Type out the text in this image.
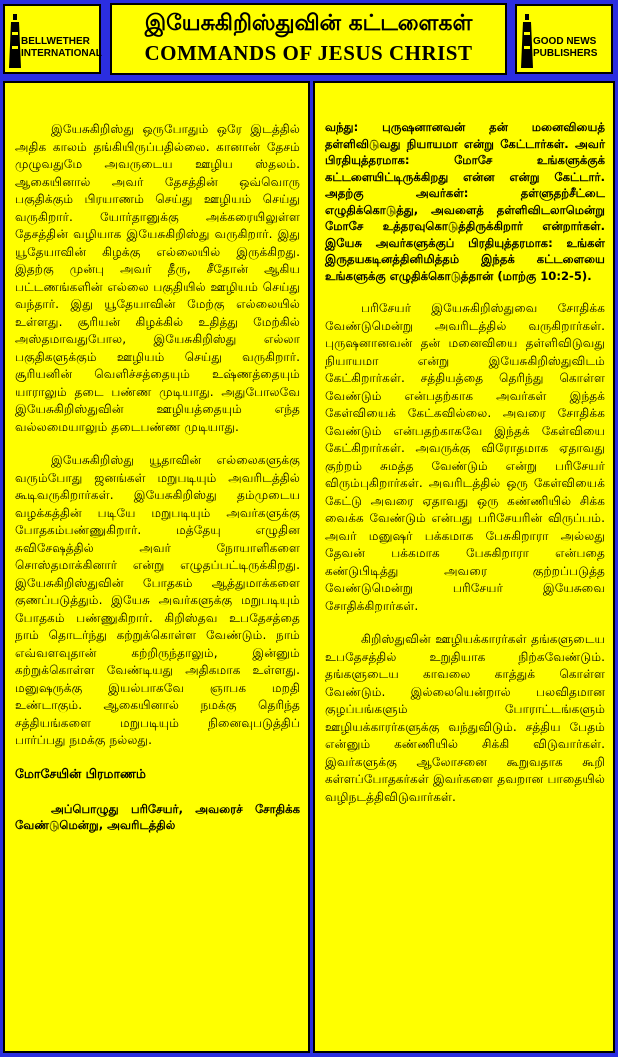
BELLWETHER
INTERNATIONAL
இயேசுகிறிஸ்துவின் கட்டளைகள்
COMMANDS OF JESUS CHRIST	GOOD NEWS
PUBLISHERS

இயேசுகிறிஸ்து ஒருபோதும் ஒரே இடத்தில் அதிக காலம் தங்கியிருப்பதில்லை. கானான் தேசம் முழுவதுமே அவருடைய ஊழிய ஸ்தலம். ஆகையினால் அவர் தேசத்தின் ஒவ்வொரு பகுதிக்கும் பிரயாணம் செய்து ஊழியம் செய்து வருகிறார். யோர்தானுக்கு அக்கரையிலுள்ள தேசத்தின் வழியாக இயேசுகிறிஸ்து வருகிறார். இது யூதேயாவின் கிழக்கு எல்லையில் இருக்கிறது. இதற்கு முன்பு அவர் தீரு, சீதோன் ஆகிய பட்டணங்களின் எல்லை பகுதியில் ஊழியம் செய்து வந்தார். இது யூதேயாவின் மேற்கு எல்லையில் உள்ளது. சூரியன் கிழக்கில் உதித்து மேற்கில் அஸ்தமாவதுபோல, இயேசுகிறிஸ்து எல்லா பகுதிகளுக்கும் ஊழியம் செய்து வருகிறார். சூரியனின் வெளிச்சத்தையும் உஷ்ணத்தையும் யாராலும் தடை பண்ண முடியாது. அதுபோலவே இயேசுகிறிஸ்துவின் ஊழியத்தையும் எந்த வல்லமையாலும் தடைபண்ண முடியாது.

இயேசுகிறிஸ்து யூதாவின் எல்லைகளுக்கு வரும்போது ஜனங்கள் மறுபடியும் அவரிடத்தில் கூடிவருகிறார்கள். இயேசுகிறிஸ்து தம்முடைய வழக்கத்தின் படியே மறுபடியும் அவர்களுக்கு போதகம்பண்ணுகிறார். மத்தேயு எழுதின சுவிசேஷத்தில் அவர் நோயாளிகளை சொஸ்தமாக்கினார் என்று எழுதப்பட்டிருக்கிறது. இயேசுகிறிஸ்துவின் போதகம் ஆத்துமாக்களை குணப்படுத்தும். இயேசு அவர்களுக்கு மறுபடியும் போதகம் பண்ணுகிறார். கிறிஸ்தவ உபதேசத்தை நாம் தொடர்ந்து கற்றுக்கொள்ள வேண்டும். நாம் எவ்வளவுதான் கற்றிருந்தாலும், இன்னும் கற்றுக்கொள்ள வேண்டியது அதிகமாக உள்ளது. மனுஷருக்கு இயல்பாகவே ஞாபக மறதி உண்டாகும். ஆகையினால் நமக்கு தெரிந்த சத்தியங்களை மறுபடியும் நினைவுபடுத்திப் பார்ப்பது நமக்கு நல்லது.

மோசேயின் பிரமாணம்

அப்பொழுது பரிசேயர், அவரைச் சோதிக்க வேண்டுமென்று, அவரிடத்தில்

வந்து: புருஷனானவன் தன் மனைவியைத் தள்ளிவிடுவது நியாயமா என்று கேட்டார்கள். அவர் பிரதியுத்தரமாக: மோசே உங்களுக்குக் கட்டளையிட்டிருக்கிறது என்ன என்று கேட்டார். அதற்கு அவர்கள்: தள்ளுதற்சீட்டை எழுதிக்கொடுத்து, அவளைத் தள்ளிவிடலாமென்று மோசே உத்தரவுகொடுத்திருக்கிறார் என்றார்கள். இயேசு அவர்களுக்குப் பிரதியுத்தரமாக: உங்கள் இருதயகடினத்தினிமித்தம் இந்தக் கட்டளையை உங்களுக்கு எழுதிக்கொடுத்தான் (மாற்கு 10:2-5).

பரிசேயர் இயேசுகிறிஸ்துவை சோதிக்க வேண்டுமென்று அவரிடத்தில் வருகிறார்கள். புருஷனானவன் தன் மனைவியை தள்ளிவிடுவது நியாயமா என்று இயேசுகிறிஸ்துவிடம் கேட்கிறார்கள். சத்தியத்தை தெரிந்து கொள்ள வேண்டும் என்பதற்காக அவர்கள் இந்தக் கேள்வியைக் கேட்கவில்லை. அவரை சோதிக்க வேண்டும் என்பதற்காகவே இந்தக் கேள்வியை கேட்கிறார்கள். அவருக்கு விரோதமாக ஏதாவது குற்றம் சுமத்த வேண்டும் என்று பரிசேயர் விரும்புகிறார்கள். அவரிடத்தில் ஒரு கேள்வியைக் கேட்டு அவரை ஏதாவது ஒரு கண்ணியில் சிக்க வைக்க வேண்டும் என்பது பரிசேயரின் விருப்பம். அவர் மனுஷர் பக்கமாக பேசுகிறாரா அல்லது தேவன் பக்கமாக பேசுகிறாரா என்பதை கண்டுபிடித்து அவரை குற்றப்படுத்த வேண்டுமென்று பரிசேயர் இயேசுவை சோதிக்கிறார்கள்.

கிறிஸ்துவின் ஊழியக்காரர்கள் தங்களுடைய உபதேசத்தில் உறுதியாக நிற்கவேண்டும். தங்களுடைய காவலை காத்துக் கொள்ள வேண்டும். இல்லையென்றால் பலவிதமான குழப்பங்களும் போராட்டங்களும் ஊழியக்காரர்களுக்கு வந்துவிடும். சத்திய பேதம் என்னும் கண்ணியில் சிக்கி விடுவார்கள். இவர்களுக்கு ஆலோசனை கூறுவதாக கூறி கள்ளப்போதகர்கள் இவர்களை தவறான பாதையில் வழிநடத்திவிடுவார்கள்.
